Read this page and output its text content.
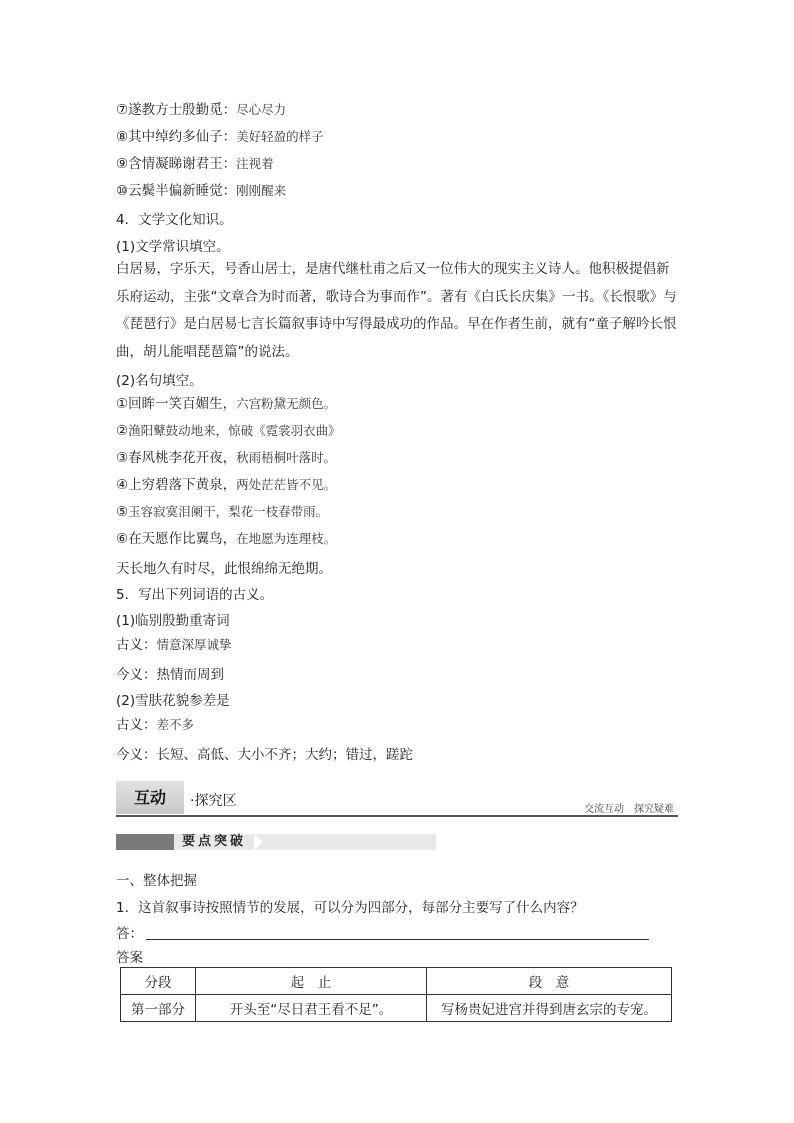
⑦遂教方士殷勤觅：尽心尽力
⑧其中绰约多仙子：美好轻盈的样子
⑨含情凝睇谢君王：注视着
⑩云鬓半偏新睡觉：刚刚醒来
4．文学文化知识。
(1)文学常识填空。
白居易，字乐天，号香山居士，是唐代继杜甫之后又一位伟大的现实主义诗人。他积极提倡新乐府运动，主张“文章合为时而著，歌诗合为事而作”。著有《白氏长庆集》一书。《长恨歌》与《琵琶行》是白居易七言长篇叙事诗中写得最成功的作品。早在作者生前，就有“童子解吟长恨曲，胡儿能唱琵琶篇”的说法。
(2)名句填空。
①回眸一笑百媚生，六宫粉黛无颜色。
②渔阳鼙鼓动地来，惊破《霓裳羽衣曲》
③春风桃李花开夜，秋雨梧桐叶落时。
④上穷碧落下黄泉，两处茫茫皆不见。
⑤玉容寂寞泪阑干，梨花一枝春带雨。
⑥在天愿作比翼鸟，在地愿为连理枝。
天长地久有时尽，此恨绵绵无绝期。
5．写出下列词语的古义。
(1)临别殷勤重寄词
古义：情意深厚诚挚
今义：热情而周到
(2)雪肤花貌参差是
古义：差不多
今义：长短、高低、大小不齐；大约；错过，蹉跎
互动	·探究区
交流互动　探究疑难
要点突破
一、整体把握
1．这首叙事诗按照情节的发展，可以分为四部分，每部分主要写了什么内容？
答：
答案
分段	起　止	段　意
第一部分	开头至“尽日君王看不足”。	写杨贵妃进宫并得到唐玄宗的专宠。
